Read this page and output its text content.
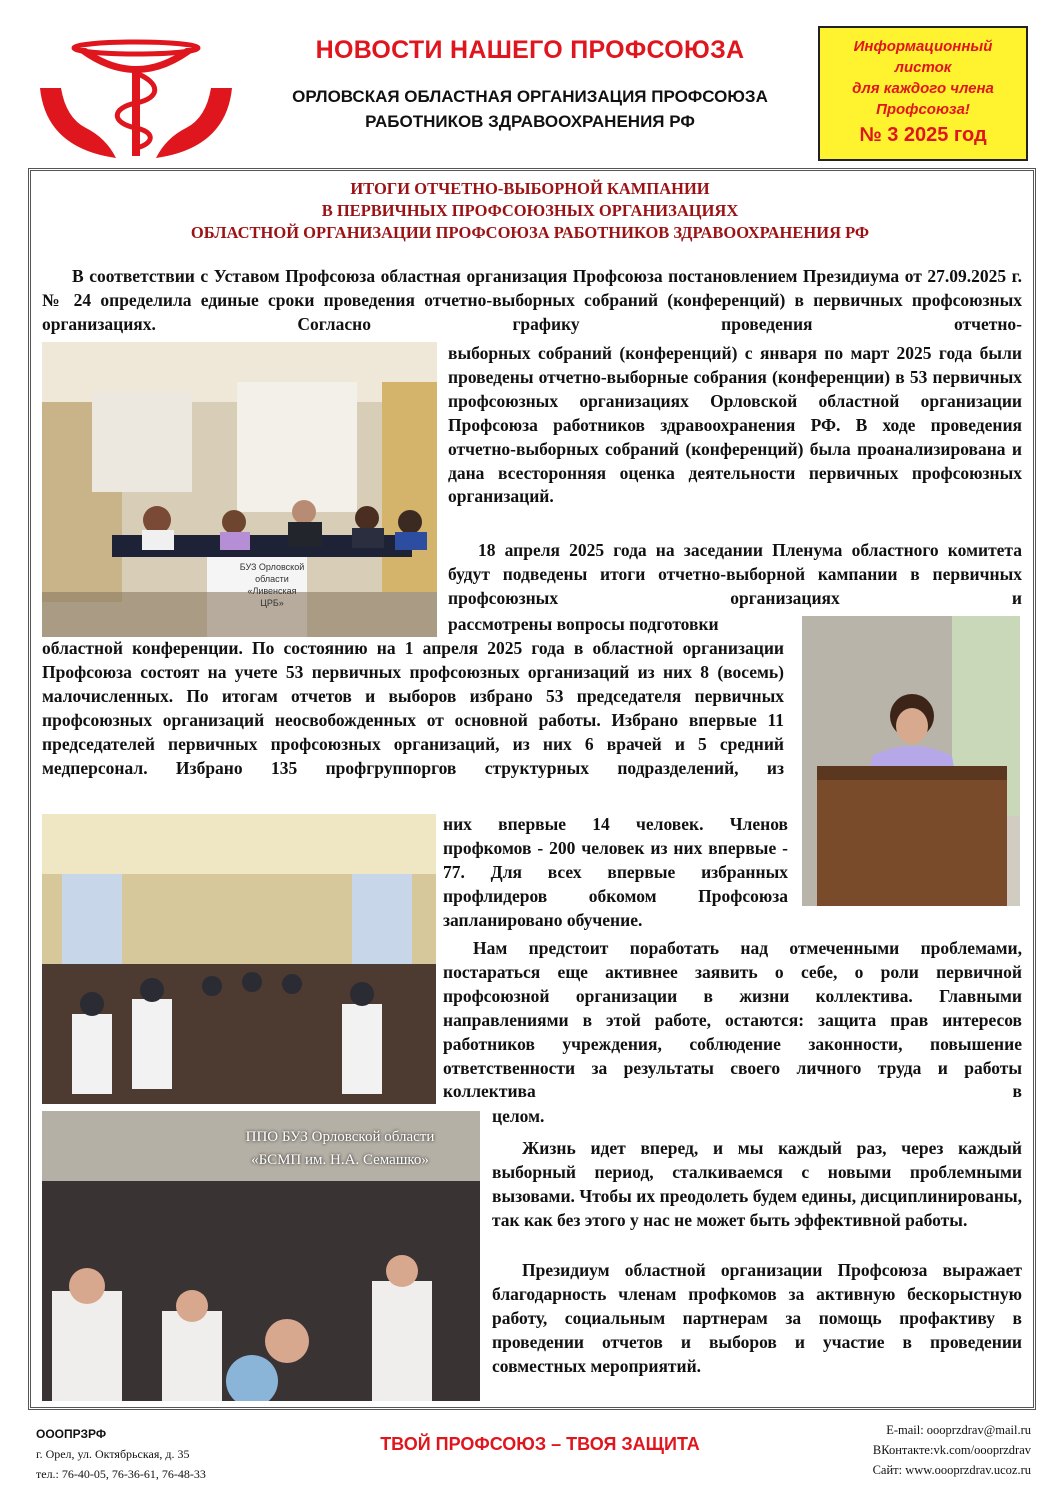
НОВОСТИ НАШЕГО ПРОФСОЮЗА
ОРЛОВСКАЯ ОБЛАСТНАЯ ОРГАНИЗАЦИЯ ПРОФСОЮЗА
РАБОТНИКОВ ЗДРАВООХРАНЕНИЯ РФ
Информационный
листок
для каждого члена
Профсоюза!
№ 3 2025 год
ИТОГИ ОТЧЕТНО-ВЫБОРНОЙ КАМПАНИИ
В ПЕРВИЧНЫХ ПРОФСОЮЗНЫХ ОРГАНИЗАЦИЯХ
ОБЛАСТНОЙ ОРГАНИЗАЦИИ ПРОФСОЮЗА РАБОТНИКОВ ЗДРАВООХРАНЕНИЯ РФ
В соответствии с Уставом Профсоюза областная организация Профсоюза постановлением Президиума от 27.09.2025 г. № 24 определила единые сроки проведения отчетно-выборных собраний (конференций) в первичных профсоюзных организациях. Согласно графику проведения отчетно-
БУЗ Орловской
области
«Ливенская
ЦРБ»
выборных собраний (конференций) с января по март 2025 года были проведены отчетно-выборные собрания (конференции) в 53 первичных профсоюзных организациях Орловской областной организации Профсоюза работников здравоохранения РФ. В ходе проведения отчетно-выборных собраний (конференций) была проанализирована и дана всесторонняя оценка деятельности первичных профсоюзных организаций.
18 апреля 2025 года на заседании Пленума областного комитета будут подведены итоги отчетно-выборной кампании в первичных профсоюзных организациях и
рассмотрены вопросы подготовки
областной конференции. По состоянию на 1 апреля 2025 года в областной организации Профсоюза состоят на учете 53 первичных профсоюзных организаций из них 8 (восемь) малочисленных. По итогам отчетов и выборов избрано 53 председателя первичных профсоюзных организаций неосвобожденных от основной работы. Избрано впервые 11 председателей первичных профсоюзных организаций, из них 6 врачей и 5 средний медперсонал. Избрано 135 профгруппоргов структурных подразделений, из
них впервые 14 человек. Членов профкомов - 200 человек из них впервые - 77. Для всех впервые избранных профлидеров обкомом Профсоюза запланировано обучение.
Нам предстоит поработать над отмеченными проблемами, постараться еще активнее заявить о себе, о роли первичной профсоюзной организации в жизни коллектива. Главными направлениями в этой работе, остаются: защита прав интересов работников учреждения, соблюдение законности, повышение ответственности за результаты своего личного труда и работы коллектива в
целом.
ППО БУЗ Орловской области
«БСМП им. Н.А. Семашко»
Жизнь идет вперед, и мы каждый раз, через каждый выборный период, сталкиваемся с новыми проблемными вызовами. Чтобы их преодолеть будем едины, дисциплинированы, так как без этого у нас не может быть эффективной работы.
Президиум областной организации Профсоюза выражает благодарность членам профкомов за активную бескорыстную работу, социальным партнерам за помощь профактиву в проведении отчетов и выборов и участие в проведении совместных мероприятий.
ОООПРЗРФ
г. Орел, ул. Октябрьская, д. 35
тел.: 76-40-05, 76-36-61, 76-48-33
ТВОЙ ПРОФСОЮЗ – ТВОЯ ЗАЩИТА
E-mail: oooprzdrav@mail.ru
ВКонтакте:vk.com/oooprzdrav
Сайт: www.oooprzdrav.ucoz.ru
